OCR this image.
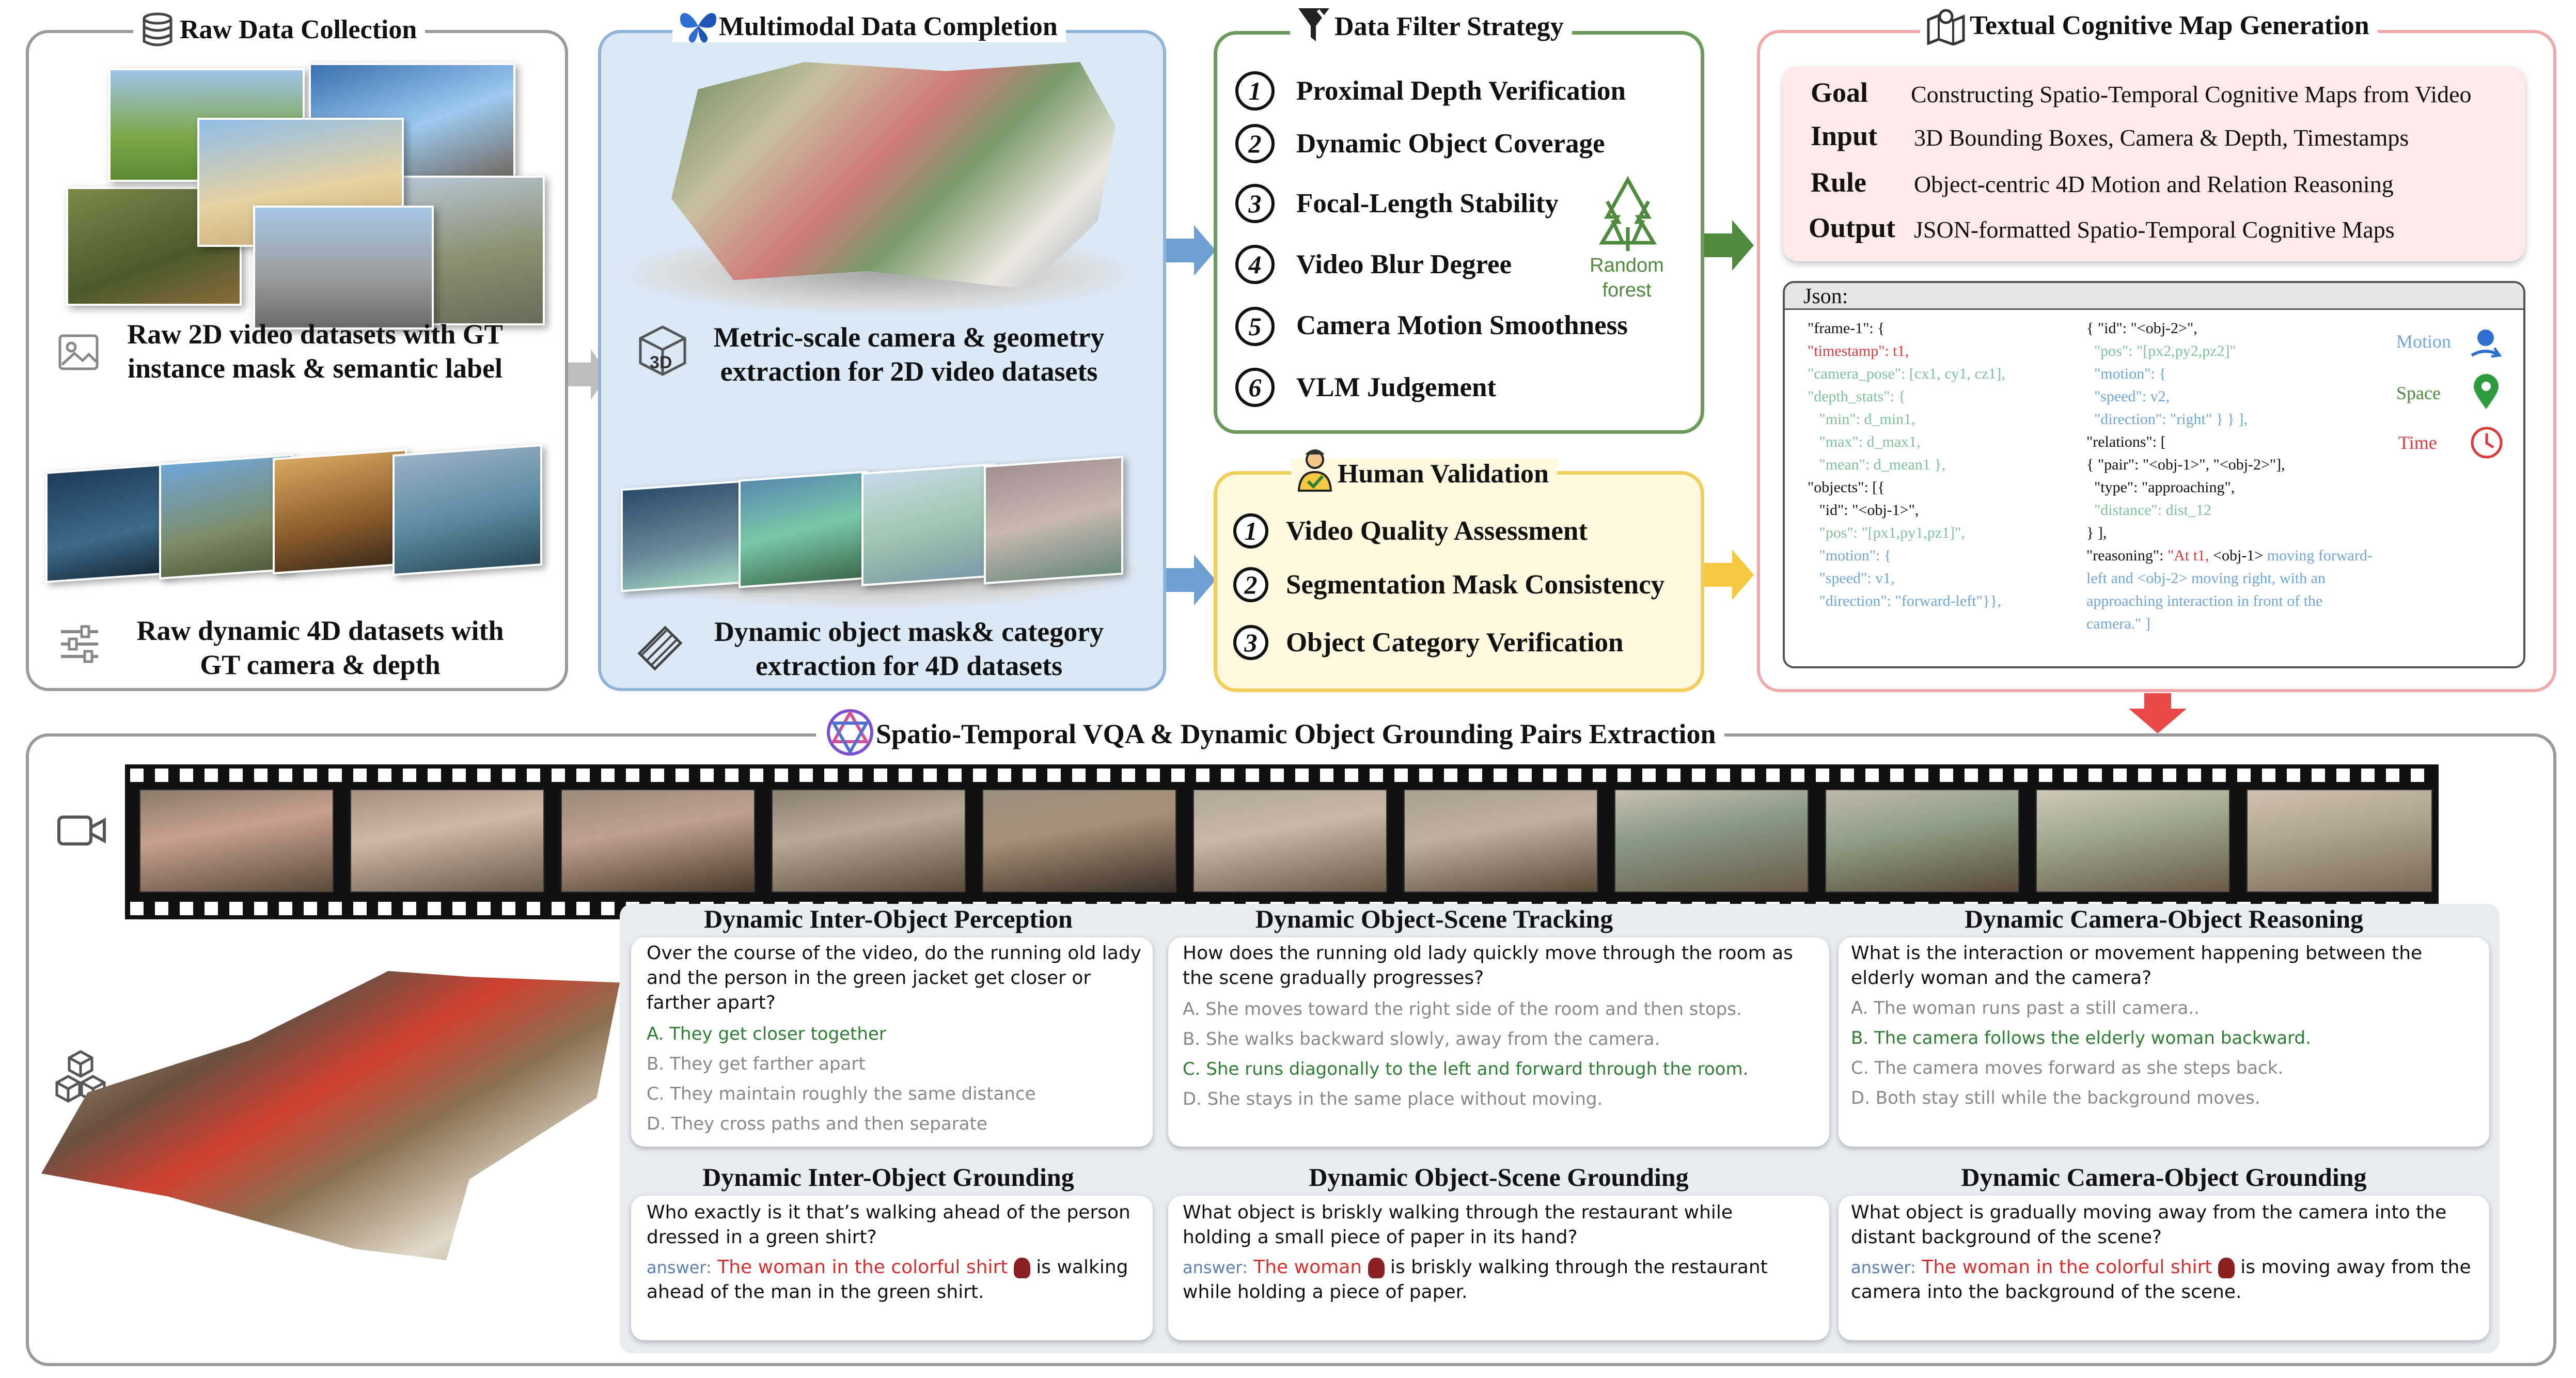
Raw Data Collection
Raw 2D video datasets with GT instance mask & semantic label
Raw dynamic 4D datasets with GT camera & depth
Multimodal Data Completion
3D
Metric-scale camera & geometry extraction for 2D video datasets
Dynamic object mask& category extraction for 4D datasets
Data Filter Strategy
1	Proximal Depth Verification
2	Dynamic Object Coverage
3	Focal-Length Stability
4	Video Blur Degree
5	Camera Motion Smoothness
6	VLM Judgement
Random
forest
Human Validation
1	Video Quality Assessment
2	Segmentation Mask Consistency
3	Object Category Verification
Textual Cognitive Map Generation
Goal Constructing Spatio-Temporal Cognitive Maps from Video
Input 3D Bounding Boxes, Camera & Depth, Timestamps
Rule Object-centric 4D Motion and Relation Reasoning
Output JSON-formatted Spatio-Temporal Cognitive Maps
Json:
"frame-1": {
"timestamp": t1,
"camera_pose": [cx1, cy1, cz1],
"depth_stats": {
"min": d_min1,
"max": d_max1,
"mean": d_mean1 },
"objects": [{
"id": "<obj-1>",
"pos": "[px1,py1,pz1]",
"motion": {
"speed": v1,
"direction": "forward-left"}},
{ "id": "<obj-2>",
"pos": "[px2,py2,pz2]"
"motion": {
"speed": v2,
"direction": "right" } } ],
"relations": [
{ "pair": "<obj-1>", "<obj-2>"],
"type": "approaching",
"distance": dist_12
} ],
"reasoning": "At t1, <obj-1> moving forward-
left and <obj-2> moving right, with an
approaching interaction in front of the
camera." ]
Motion
Space
Time
Spatio-Temporal VQA & Dynamic Object Grounding Pairs Extraction
Dynamic Inter-Object Perception
Over the course of the video, do the running old lady and the person in the green jacket get closer or farther apart?
A. They get closer together
B. They get farther apart
C. They maintain roughly the same distance
D. They cross paths and then separate
Dynamic Object-Scene Tracking
How does the running old lady quickly move through the room as the scene gradually progresses?
A. She moves toward the right side of the room and then stops.
B. She walks backward slowly, away from the camera.
C. She runs diagonally to the left and forward through the room.
D. She stays in the same place without moving.
Dynamic Camera-Object Reasoning
What is the interaction or movement happening between the elderly woman and the camera?
A. The woman runs past a still camera..
B. The camera follows the elderly woman backward.
C. The camera moves forward as she steps back.
D. Both stay still while the background moves.
Dynamic Inter-Object Grounding
Who exactly is it that’s walking ahead of the person dressed in a green shirt?
answer: The woman in the colorful shirt is walking ahead of the man in the green shirt.
Dynamic Object-Scene Grounding
What object is briskly walking through the restaurant while holding a small piece of paper in its hand?
answer: The woman is briskly walking through the restaurant while holding a piece of paper.
Dynamic Camera-Object Grounding
What object is gradually moving away from the camera into the distant background of the scene?
answer: The woman in the colorful shirt is moving away from the camera into the background of the scene.
